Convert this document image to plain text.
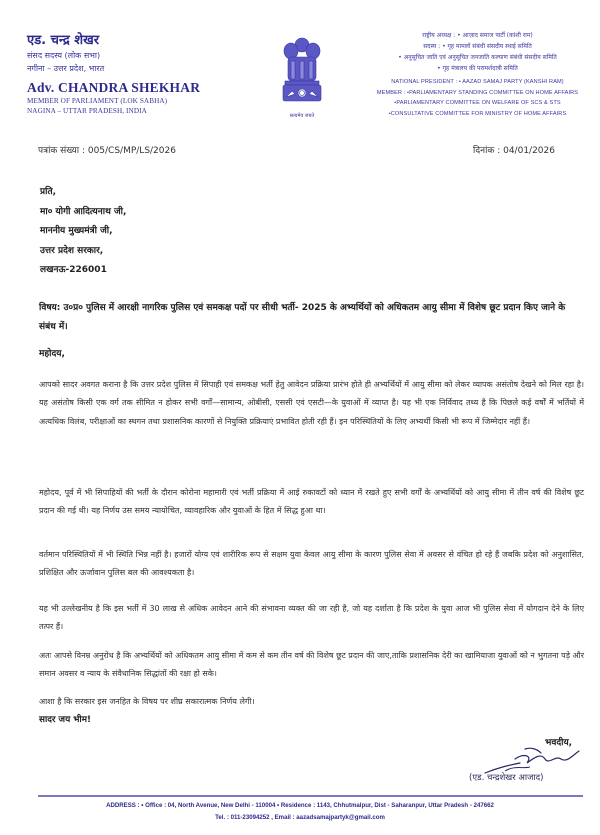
एड. चन्द्र शेखर
संसद सदस्य (लोक सभा)
नगीना – उत्तर प्रदेश, भारत
Adv. CHANDRA SHEKHAR
MEMBER OF PARLIAMENT (LOK SABHA)
NAGINA – UTTAR PRADESH, INDIA
सत्यमेव जयते
राष्ट्रीय अध्यक्ष : • आज़ाद समाज पार्टी (कांशी राम)
सदस्य : • गृह मामलों संबंधी संसदीय स्थाई समिति
• अनुसूचित जाति एवं अनुसूचित जनजाति कल्याण संबंधी संसदीय समिति
• गृह मंत्रालय की परामर्शदात्री समिति
NATIONAL PRESIDENT : • AAZAD SAMAJ PARTY (KANSHI RAM)
MEMBER : •PARLIAMENTARY STANDING COMMITTEE ON HOME AFFAIRS
•PARLIAMENTARY COMMITTEE ON WELFARE OF SCS & STS
•CONSULTATIVE COMMITTEE FOR MINISTRY OF HOME AFFAIRS
पत्रांक संख्या : 005/CS/MP/LS/2026	दिनांक : 04/01/2026
प्रति,
मा० योगी आदित्यनाथ जी,
माननीय मुख्यमंत्री जी,
उत्तर प्रदेश सरकार,
लखनऊ-226001
विषय: उ०प्र० पुलिस में आरक्षी नागरिक पुलिस एवं समकक्ष पदों पर सीधी भर्ती- 2025 के अभ्यर्थियों को अधिकतम आयु सीमा में विशेष छूट प्रदान किए जाने के संबंध में।
महोदय,
आपको सादर अवगत कराना है कि उत्तर प्रदेश पुलिस में सिपाही एवं समकक्ष भर्ती हेतु आवेदन प्रक्रिया प्रारंभ होते ही अभ्यर्थियों में आयु सीमा को लेकर व्यापक असंतोष देखने को मिल रहा है। यह असंतोष किसी एक वर्ग तक सीमित न होकर सभी वर्गों—सामान्य, ओबीसी, एससी एवं एसटी—के युवाओं में व्याप्त है। यह भी एक निर्विवाद तथ्य है कि पिछले कई वर्षों में भर्तियों में अत्यधिक विलंब, परीक्षाओं का स्थगन तथा प्रशासनिक कारणों से नियुक्ति प्रक्रियाएं प्रभावित होती रही हैं। इन परिस्थितियों के लिए अभ्यर्थी किसी भी रूप में जिम्मेदार नहीं हैं।
महोदय, पूर्व में भी सिपाहियों की भर्ती के दौरान कोरोना महामारी एवं भर्ती प्रक्रिया में आई रुकावटों को ध्यान में रखते हुए सभी वर्गों के अभ्यर्थियों को आयु सीमा में तीन वर्ष की विशेष छूट प्रदान की गई थी। यह निर्णय उस समय न्यायोचित, व्यावहारिक और युवाओं के हित में सिद्ध हुआ था।
वर्तमान परिस्थितियों में भी स्थिति भिन्न नहीं है। हजारों योग्य एवं शारीरिक रूप से सक्षम युवा केवल आयु सीमा के कारण पुलिस सेवा में अवसर से वंचित हो रहे हैं जबकि प्रदेश को अनुशासित, प्रशिक्षित और ऊर्जावान पुलिस बल की आवश्यकता है।
यह भी उल्लेखनीय है कि इस भर्ती में 30 लाख से अधिक आवेदन आने की संभावना व्यक्त की जा रही है, जो यह दर्शाता है कि प्रदेश के युवा आज भी पुलिस सेवा में योगदान देने के लिए तत्पर हैं।
अतः आपसे विनम्र अनुरोध है कि अभ्यर्थियों को अधिकतम आयु सीमा में कम से कम तीन वर्ष की विशेष छूट प्रदान की जाए,ताकि प्रशासनिक देरी का खामियाजा युवाओं को न भुगतना पड़े और समान अवसर व न्याय के संवैधानिक सिद्धांतों की रक्षा हो सके।
आशा है कि सरकार इस जनहित के विषय पर शीघ्र सकारात्मक निर्णय लेगी।
सादर जय भीम!
भवदीय,
(एड. चन्द्रशेखर आजाद)
ADDRESS : • Office : 04, North Avenue, New Delhi - 110004 • Residence : 1143, Chhutmalpur, Dist - Saharanpur, Uttar Pradesh - 247662
Tel. : 011-23094252 , Email : aazadsamajpartyk@gmail.com
